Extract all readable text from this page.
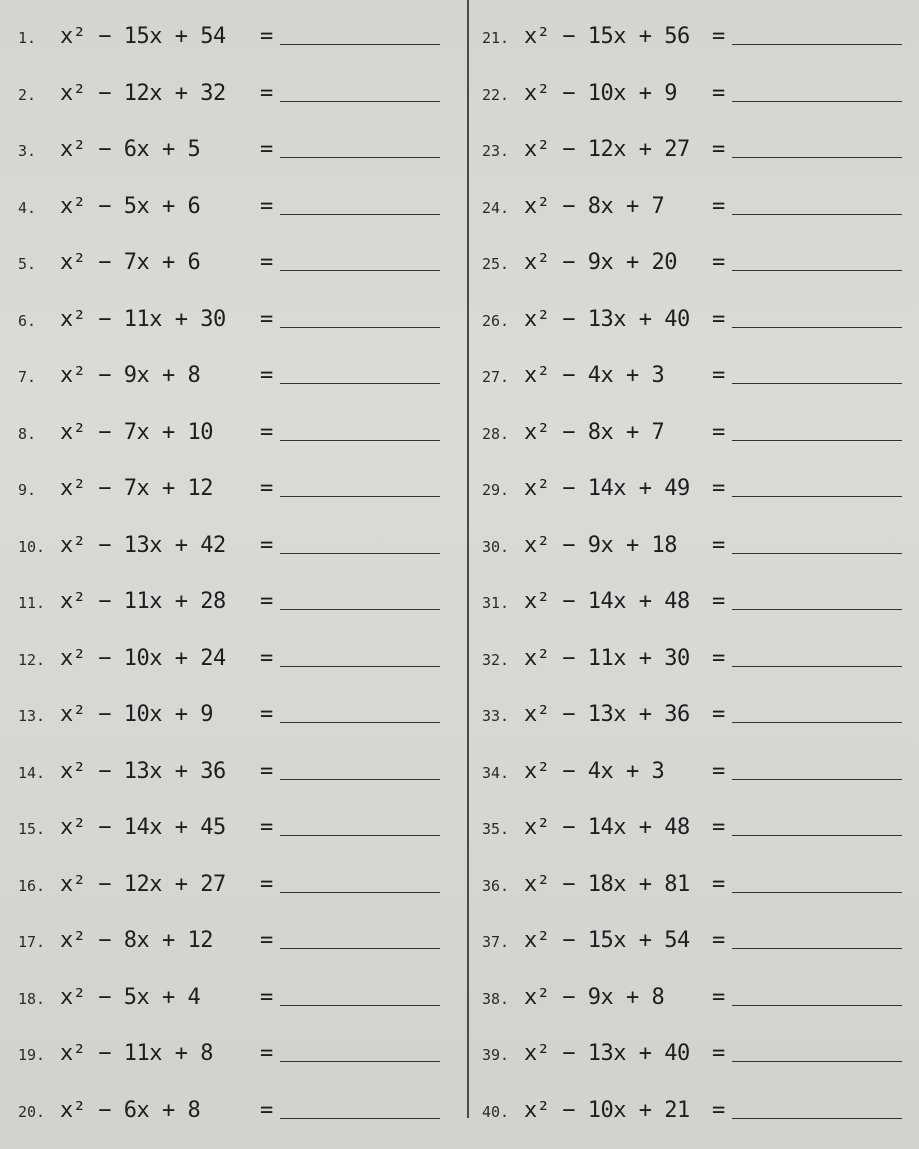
1.	x² − 15x + 54	=
2.	x² − 12x + 32	=
3.	x² − 6x + 5	=
4.	x² − 5x + 6	=
5.	x² − 7x + 6	=
6.	x² − 11x + 30	=
7.	x² − 9x + 8	=
8.	x² − 7x + 10	=
9.	x² − 7x + 12	=
10. x² − 13x + 42	=
11. x² − 11x + 28	=
12. x² − 10x + 24	=
13. x² − 10x + 9	=
14. x² − 13x + 36	=
15. x² − 14x + 45	=
16. x² − 12x + 27	=
17. x² − 8x + 12	=
18. x² − 5x + 4	=
19. x² − 11x + 8	=
20. x² − 6x + 8	=
21. x² − 15x + 56	=
22. x² − 10x + 9	=
23. x² − 12x + 27	=
24. x² − 8x + 7	=
25. x² − 9x + 20	=
26. x² − 13x + 40	=
27. x² − 4x + 3	=
28. x² − 8x + 7	=
29. x² − 14x + 49	=
30. x² − 9x + 18	=
31. x² − 14x + 48	=
32. x² − 11x + 30	=
33. x² − 13x + 36	=
34. x² − 4x + 3	=
35. x² − 14x + 48	=
36. x² − 18x + 81	=
37. x² − 15x + 54	=
38. x² − 9x + 8	=
39. x² − 13x + 40	=
40. x² − 10x + 21	=
